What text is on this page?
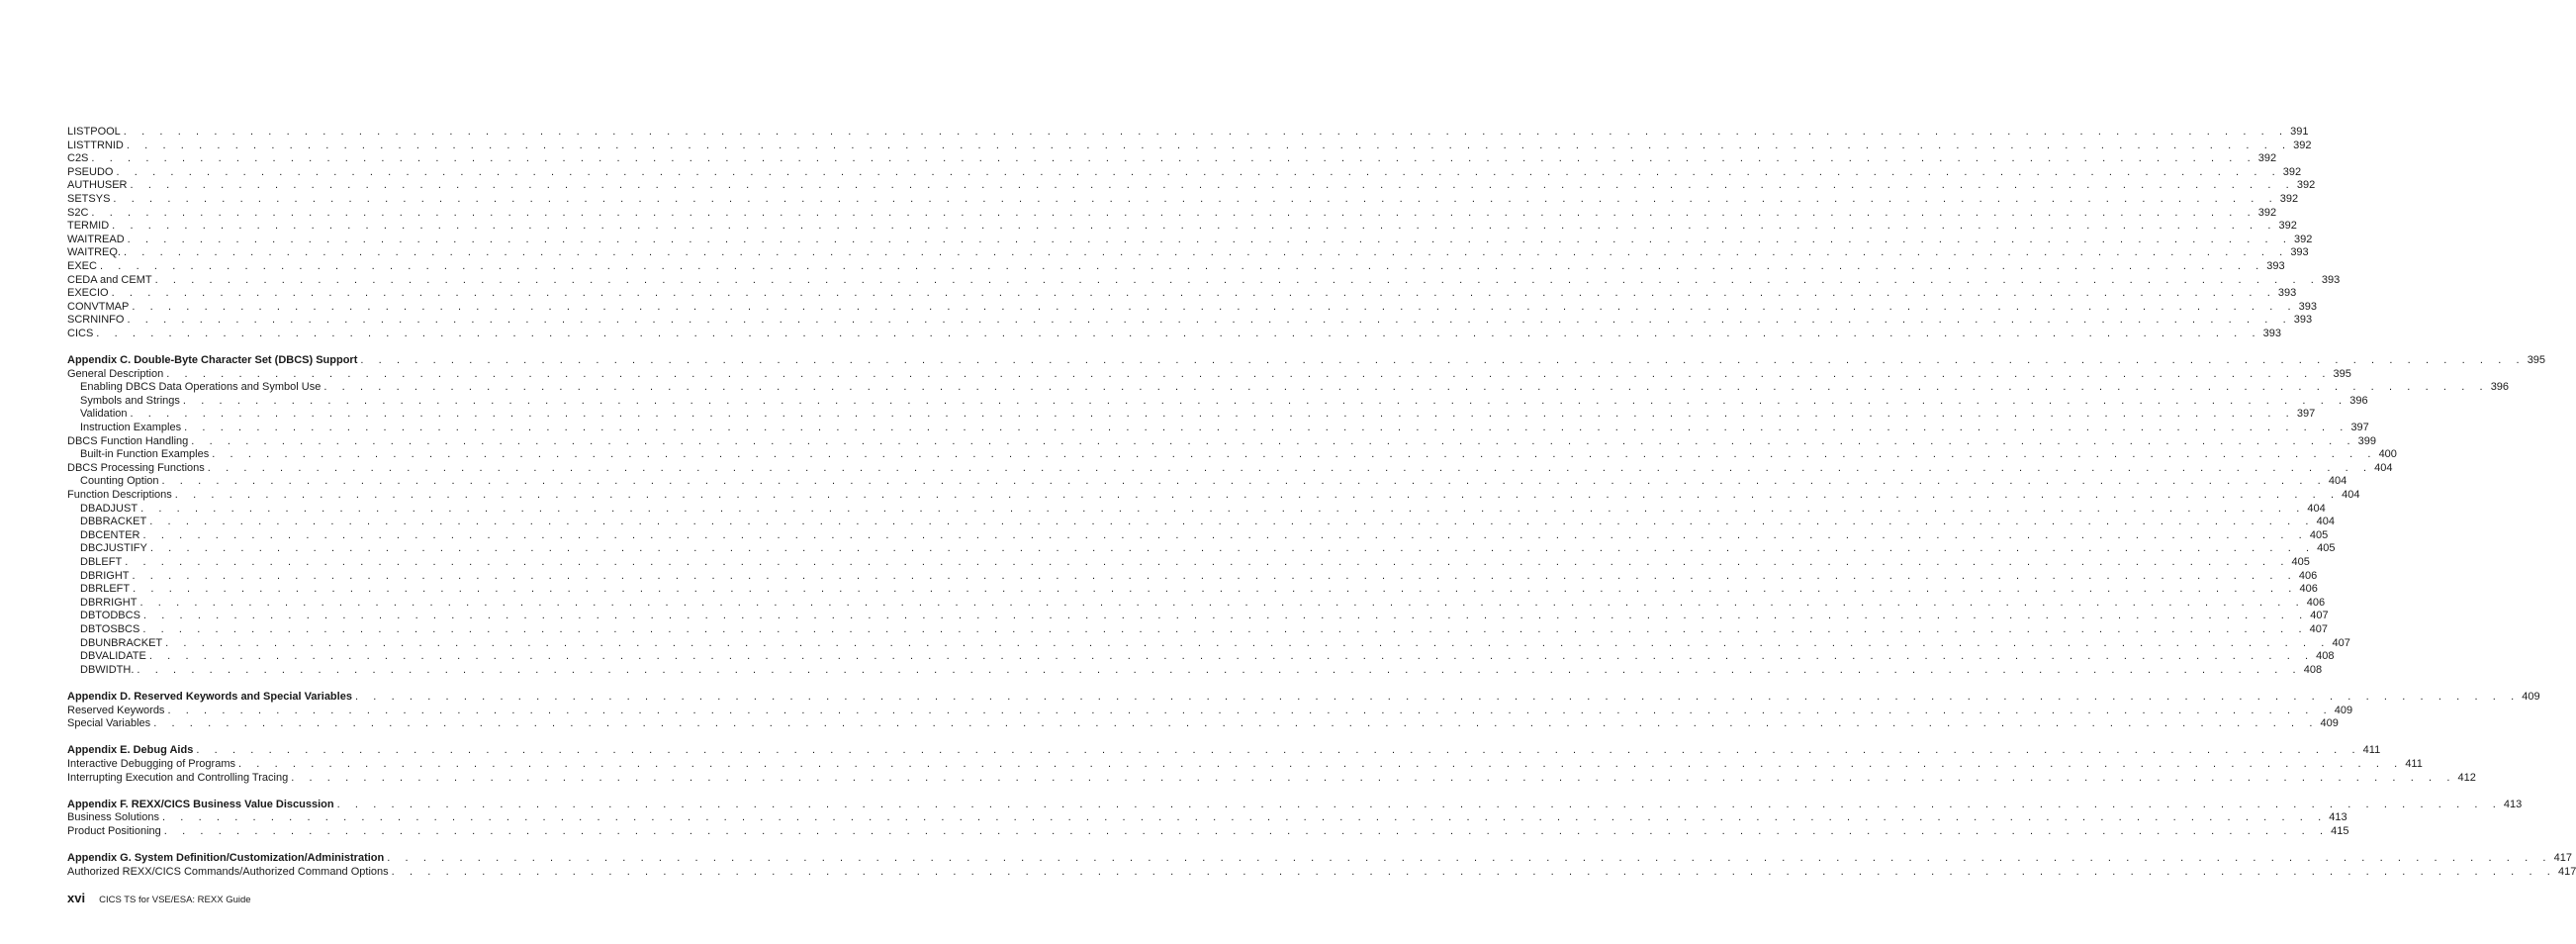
LISTPOOL . . . . . . . . . . . . . . . . . . . . . . . . . . . . . . . . . . . . . . . . . . . . . . . . . . . . . . . . . . . . . . . . . . . . . . . . . . . . . . . . . . . . . . . . . . . . . . . . . . . . . . . . . . . . . . . . . . . . . . . . 391
LISTTRNID . . . . . . . . . . . . . . . . . . . . . . . . . . . . . . . . . . . . . . . . . . . . . . . . . . . . . . . . . . . . . . . . . . . . . . . . . . . . . . . . . . . . . . . . . . . . . . . . . . . . . . . . . . . . . . . . . . . . . . . . 392
C2S . . . . . . . . . . . . . . . . . . . . . . . . . . . . . . . . . . . . . . . . . . . . . . . . . . . . . . . . . . . . . . . . . . . . . . . . . . . . . . . . . . . . . . . . . . . . . . . . . . . . . . . . . . . . . . . . . . . . . . . . 392
PSEUDO . . . . . . . . . . . . . . . . . . . . . . . . . . . . . . . . . . . . . . . . . . . . . . . . . . . . . . . . . . . . . . . . . . . . . . . . . . . . . . . . . . . . . . . . . . . . . . . . . . . . . . . . . . . . . . . . . . . . . . . . 392
AUTHUSER . . . . . . . . . . . . . . . . . . . . . . . . . . . . . . . . . . . . . . . . . . . . . . . . . . . . . . . . . . . . . . . . . . . . . . . . . . . . . . . . . . . . . . . . . . . . . . . . . . . . . . . . . . . . . . . . . . . . . . . . 392
SETSYS . . . . . . . . . . . . . . . . . . . . . . . . . . . . . . . . . . . . . . . . . . . . . . . . . . . . . . . . . . . . . . . . . . . . . . . . . . . . . . . . . . . . . . . . . . . . . . . . . . . . . . . . . . . . . . . . . . . . . . . . 392
S2C . . . . . . . . . . . . . . . . . . . . . . . . . . . . . . . . . . . . . . . . . . . . . . . . . . . . . . . . . . . . . . . . . . . . . . . . . . . . . . . . . . . . . . . . . . . . . . . . . . . . . . . . . . . . . . . . . . . . . . . . 392
TERMID . . . . . . . . . . . . . . . . . . . . . . . . . . . . . . . . . . . . . . . . . . . . . . . . . . . . . . . . . . . . . . . . . . . . . . . . . . . . . . . . . . . . . . . . . . . . . . . . . . . . . . . . . . . . . . . . . . . . . . . . 392
WAITREAD . . . . . . . . . . . . . . . . . . . . . . . . . . . . . . . . . . . . . . . . . . . . . . . . . . . . . . . . . . . . . . . . . . . . . . . . . . . . . . . . . . . . . . . . . . . . . . . . . . . . . . . . . . . . . . . . . . . . . . . . 392
WAITREQ. . . . . . . . . . . . . . . . . . . . . . . . . . . . . . . . . . . . . . . . . . . . . . . . . . . . . . . . . . . . . . . . . . . . . . . . . . . . . . . . . . . . . . . . . . . . . . . . . . . . . . . . . . . . . . . . . . . . . . . . . 393
EXEC . . . . . . . . . . . . . . . . . . . . . . . . . . . . . . . . . . . . . . . . . . . . . . . . . . . . . . . . . . . . . . . . . . . . . . . . . . . . . . . . . . . . . . . . . . . . . . . . . . . . . . . . . . . . . . . . . . . . . . . . 393
CEDA and CEMT . . . . . . . . . . . . . . . . . . . . . . . . . . . . . . . . . . . . . . . . . . . . . . . . . . . . . . . . . . . . . . . . . . . . . . . . . . . . . . . . . . . . . . . . . . . . . . . . . . . . . . . . . . . . . . . . . . . . . . . . 393
EXECIO . . . . . . . . . . . . . . . . . . . . . . . . . . . . . . . . . . . . . . . . . . . . . . . . . . . . . . . . . . . . . . . . . . . . . . . . . . . . . . . . . . . . . . . . . . . . . . . . . . . . . . . . . . . . . . . . . . . . . . . . 393
CONVTMAP . . . . . . . . . . . . . . . . . . . . . . . . . . . . . . . . . . . . . . . . . . . . . . . . . . . . . . . . . . . . . . . . . . . . . . . . . . . . . . . . . . . . . . . . . . . . . . . . . . . . . . . . . . . . . . . . . . . . . . . . 393
SCRNINFO . . . . . . . . . . . . . . . . . . . . . . . . . . . . . . . . . . . . . . . . . . . . . . . . . . . . . . . . . . . . . . . . . . . . . . . . . . . . . . . . . . . . . . . . . . . . . . . . . . . . . . . . . . . . . . . . . . . . . . . . 393
CICS . . . . . . . . . . . . . . . . . . . . . . . . . . . . . . . . . . . . . . . . . . . . . . . . . . . . . . . . . . . . . . . . . . . . . . . . . . . . . . . . . . . . . . . . . . . . . . . . . . . . . . . . . . . . . . . . . . . . . . . . 393
Appendix C. Double-Byte Character Set (DBCS) Support . . . . . . . . . . . . . . . . . . . . . . . . . . . . . . . . . . . . . . . . . . . . . . . . . . . . . . . . . . . . . . . . . . . . . . . . . . . . . . . . . . . . . . . . . . . . . . . . . . . . . . . . . . . . . . . . . . . . . . . . 395
General Description . . . . . . . . . . . . . . . . . . . . . . . . . . . . . . . . . . . . . . . . . . . . . . . . . . . . . . . . . . . . . . . . . . . . . . . . . . . . . . . . . . . . . . . . . . . . . . . . . . . . . . . . . . . . . . . . . . . . . . . . 395
Enabling DBCS Data Operations and Symbol Use . . . . . . . . . . . . . . . . . . . . . . . . . . . . . . . . . . . . . . . . . . . . . . . . . . . . . . . . . . . . . . . . . . . . . . . . . . . . . . . . . . . . . . . . . . . . . . . . . . . . . . . . . . . . . . . . . . . . . . . . 396
Symbols and Strings . . . . . . . . . . . . . . . . . . . . . . . . . . . . . . . . . . . . . . . . . . . . . . . . . . . . . . . . . . . . . . . . . . . . . . . . . . . . . . . . . . . . . . . . . . . . . . . . . . . . . . . . . . . . . . . . . . . . . . . . 396
Validation . . . . . . . . . . . . . . . . . . . . . . . . . . . . . . . . . . . . . . . . . . . . . . . . . . . . . . . . . . . . . . . . . . . . . . . . . . . . . . . . . . . . . . . . . . . . . . . . . . . . . . . . . . . . . . . . . . . . . . . . 397
Instruction Examples . . . . . . . . . . . . . . . . . . . . . . . . . . . . . . . . . . . . . . . . . . . . . . . . . . . . . . . . . . . . . . . . . . . . . . . . . . . . . . . . . . . . . . . . . . . . . . . . . . . . . . . . . . . . . . . . . . . . . . . . 397
DBCS Function Handling . . . . . . . . . . . . . . . . . . . . . . . . . . . . . . . . . . . . . . . . . . . . . . . . . . . . . . . . . . . . . . . . . . . . . . . . . . . . . . . . . . . . . . . . . . . . . . . . . . . . . . . . . . . . . . . . . . . . . . . . 399
Built-in Function Examples . . . . . . . . . . . . . . . . . . . . . . . . . . . . . . . . . . . . . . . . . . . . . . . . . . . . . . . . . . . . . . . . . . . . . . . . . . . . . . . . . . . . . . . . . . . . . . . . . . . . . . . . . . . . . . . . . . . . . . . . 400
DBCS Processing Functions . . . . . . . . . . . . . . . . . . . . . . . . . . . . . . . . . . . . . . . . . . . . . . . . . . . . . . . . . . . . . . . . . . . . . . . . . . . . . . . . . . . . . . . . . . . . . . . . . . . . . . . . . . . . . . . . . . . . . . . . 404
Counting Option . . . . . . . . . . . . . . . . . . . . . . . . . . . . . . . . . . . . . . . . . . . . . . . . . . . . . . . . . . . . . . . . . . . . . . . . . . . . . . . . . . . . . . . . . . . . . . . . . . . . . . . . . . . . . . . . . . . . . . . . 404
Function Descriptions . . . . . . . . . . . . . . . . . . . . . . . . . . . . . . . . . . . . . . . . . . . . . . . . . . . . . . . . . . . . . . . . . . . . . . . . . . . . . . . . . . . . . . . . . . . . . . . . . . . . . . . . . . . . . . . . . . . . . . . . 404
DBADJUST . . . . . . . . . . . . . . . . . . . . . . . . . . . . . . . . . . . . . . . . . . . . . . . . . . . . . . . . . . . . . . . . . . . . . . . . . . . . . . . . . . . . . . . . . . . . . . . . . . . . . . . . . . . . . . . . . . . . . . . . 404
DBBRACKET . . . . . . . . . . . . . . . . . . . . . . . . . . . . . . . . . . . . . . . . . . . . . . . . . . . . . . . . . . . . . . . . . . . . . . . . . . . . . . . . . . . . . . . . . . . . . . . . . . . . . . . . . . . . . . . . . . . . . . . . 404
DBCENTER . . . . . . . . . . . . . . . . . . . . . . . . . . . . . . . . . . . . . . . . . . . . . . . . . . . . . . . . . . . . . . . . . . . . . . . . . . . . . . . . . . . . . . . . . . . . . . . . . . . . . . . . . . . . . . . . . . . . . . . . 405
DBCJUSTIFY . . . . . . . . . . . . . . . . . . . . . . . . . . . . . . . . . . . . . . . . . . . . . . . . . . . . . . . . . . . . . . . . . . . . . . . . . . . . . . . . . . . . . . . . . . . . . . . . . . . . . . . . . . . . . . . . . . . . . . . . 405
DBLEFT . . . . . . . . . . . . . . . . . . . . . . . . . . . . . . . . . . . . . . . . . . . . . . . . . . . . . . . . . . . . . . . . . . . . . . . . . . . . . . . . . . . . . . . . . . . . . . . . . . . . . . . . . . . . . . . . . . . . . . . . 405
DBRIGHT . . . . . . . . . . . . . . . . . . . . . . . . . . . . . . . . . . . . . . . . . . . . . . . . . . . . . . . . . . . . . . . . . . . . . . . . . . . . . . . . . . . . . . . . . . . . . . . . . . . . . . . . . . . . . . . . . . . . . . . . 406
DBRLEFT . . . . . . . . . . . . . . . . . . . . . . . . . . . . . . . . . . . . . . . . . . . . . . . . . . . . . . . . . . . . . . . . . . . . . . . . . . . . . . . . . . . . . . . . . . . . . . . . . . . . . . . . . . . . . . . . . . . . . . . . 406
DBRRIGHT . . . . . . . . . . . . . . . . . . . . . . . . . . . . . . . . . . . . . . . . . . . . . . . . . . . . . . . . . . . . . . . . . . . . . . . . . . . . . . . . . . . . . . . . . . . . . . . . . . . . . . . . . . . . . . . . . . . . . . . . 406
DBTODBCS . . . . . . . . . . . . . . . . . . . . . . . . . . . . . . . . . . . . . . . . . . . . . . . . . . . . . . . . . . . . . . . . . . . . . . . . . . . . . . . . . . . . . . . . . . . . . . . . . . . . . . . . . . . . . . . . . . . . . . . . 407
DBTOSBCS . . . . . . . . . . . . . . . . . . . . . . . . . . . . . . . . . . . . . . . . . . . . . . . . . . . . . . . . . . . . . . . . . . . . . . . . . . . . . . . . . . . . . . . . . . . . . . . . . . . . . . . . . . . . . . . . . . . . . . . . 407
DBUNBRACKET . . . . . . . . . . . . . . . . . . . . . . . . . . . . . . . . . . . . . . . . . . . . . . . . . . . . . . . . . . . . . . . . . . . . . . . . . . . . . . . . . . . . . . . . . . . . . . . . . . . . . . . . . . . . . . . . . . . . . . . . 407
DBVALIDATE . . . . . . . . . . . . . . . . . . . . . . . . . . . . . . . . . . . . . . . . . . . . . . . . . . . . . . . . . . . . . . . . . . . . . . . . . . . . . . . . . . . . . . . . . . . . . . . . . . . . . . . . . . . . . . . . . . . . . . . . 408
DBWIDTH. . . . . . . . . . . . . . . . . . . . . . . . . . . . . . . . . . . . . . . . . . . . . . . . . . . . . . . . . . . . . . . . . . . . . . . . . . . . . . . . . . . . . . . . . . . . . . . . . . . . . . . . . . . . . . . . . . . . . . . . . 408
Appendix D. Reserved Keywords and Special Variables . . . . . . . . . . . . . . . . . . . . . . . . . . . . . . . . . . . . . . . . . . . . . . . . . . . . . . . . . . . . . . . . . . . . . . . . . . . . . . . . . . . . . . . . . . . . . . . . . . . . . . . . . . . . . . . . . . . . . . . . 409
Reserved Keywords . . . . . . . . . . . . . . . . . . . . . . . . . . . . . . . . . . . . . . . . . . . . . . . . . . . . . . . . . . . . . . . . . . . . . . . . . . . . . . . . . . . . . . . . . . . . . . . . . . . . . . . . . . . . . . . . . . . . . . . . 409
Special Variables . . . . . . . . . . . . . . . . . . . . . . . . . . . . . . . . . . . . . . . . . . . . . . . . . . . . . . . . . . . . . . . . . . . . . . . . . . . . . . . . . . . . . . . . . . . . . . . . . . . . . . . . . . . . . . . . . . . . . . . . 409
Appendix E. Debug Aids . . . . . . . . . . . . . . . . . . . . . . . . . . . . . . . . . . . . . . . . . . . . . . . . . . . . . . . . . . . . . . . . . . . . . . . . . . . . . . . . . . . . . . . . . . . . . . . . . . . . . . . . . . . . . . . . . . . . . . . . 411
Interactive Debugging of Programs . . . . . . . . . . . . . . . . . . . . . . . . . . . . . . . . . . . . . . . . . . . . . . . . . . . . . . . . . . . . . . . . . . . . . . . . . . . . . . . . . . . . . . . . . . . . . . . . . . . . . . . . . . . . . . . . . . . . . . . . 411
Interrupting Execution and Controlling Tracing . . . . . . . . . . . . . . . . . . . . . . . . . . . . . . . . . . . . . . . . . . . . . . . . . . . . . . . . . . . . . . . . . . . . . . . . . . . . . . . . . . . . . . . . . . . . . . . . . . . . . . . . . . . . . . . . . . . . . . . . 412
Appendix F. REXX/CICS Business Value Discussion . . . . . . . . . . . . . . . . . . . . . . . . . . . . . . . . . . . . . . . . . . . . . . . . . . . . . . . . . . . . . . . . . . . . . . . . . . . . . . . . . . . . . . . . . . . . . . . . . . . . . . . . . . . . . . . . . . . . . . . . 413
Business Solutions . . . . . . . . . . . . . . . . . . . . . . . . . . . . . . . . . . . . . . . . . . . . . . . . . . . . . . . . . . . . . . . . . . . . . . . . . . . . . . . . . . . . . . . . . . . . . . . . . . . . . . . . . . . . . . . . . . . . . . . . 413
Product Positioning . . . . . . . . . . . . . . . . . . . . . . . . . . . . . . . . . . . . . . . . . . . . . . . . . . . . . . . . . . . . . . . . . . . . . . . . . . . . . . . . . . . . . . . . . . . . . . . . . . . . . . . . . . . . . . . . . . . . . . . . 415
Appendix G. System Definition/Customization/Administration . . . . . . . . . . . . . . . . . . . . . . . . . . . . . . . . . . . . . . . . . . . . . . . . . . . . . . . . . . . . . . . . . . . . . . . . . . . . . . . . . . . . . . . . . . . . . . . . . . . . . . . . . . . . . . . . . . . . . . . . 417
Authorized REXX/CICS Commands/Authorized Command Options . . . . . . . . . . . . . . . . . . . . . . . . . . . . . . . . . . . . . . . . . . . . . . . . . . . . . . . . . . . . . . . . . . . . . . . . . . . . . . . . . . . . . . . . . . . . . . . . . . . . . . . . . . . . . . . . . . . . . . . . 417
xvi CICS TS for VSE/ESA: REXX Guide
